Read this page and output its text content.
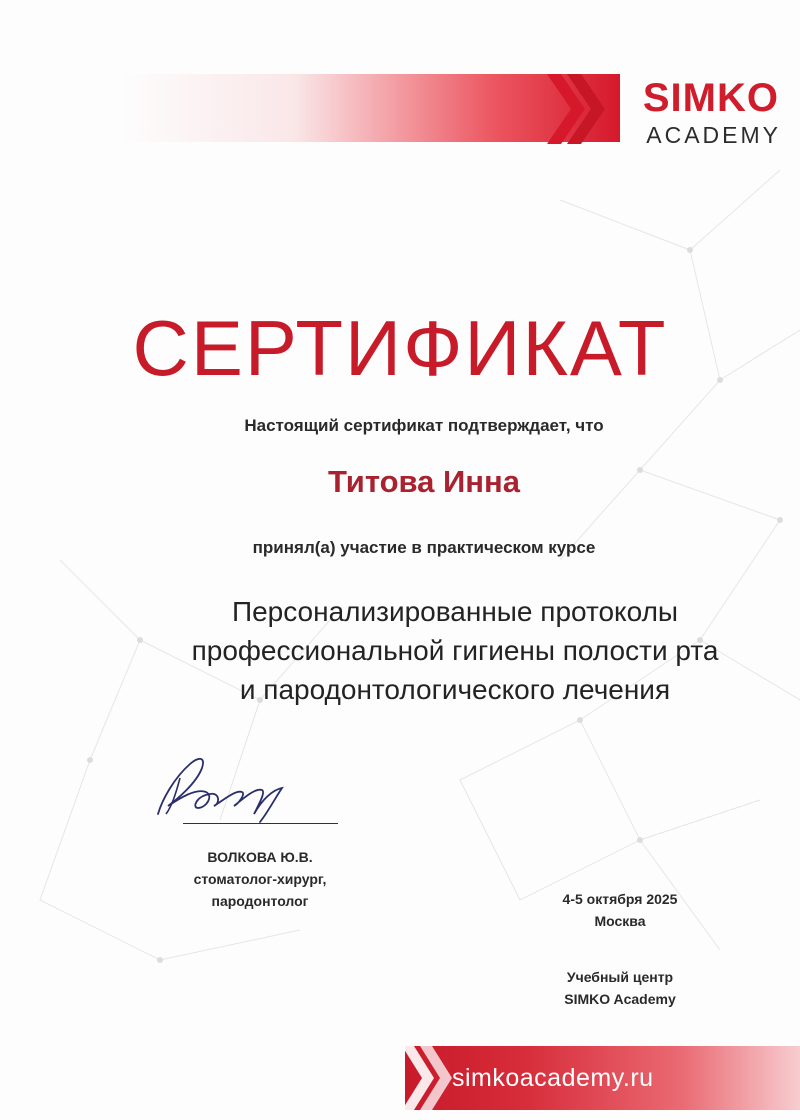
SIMKO
ACADEMY
СЕРТИФИКАТ
Настоящий сертификат подтверждает, что
Титова Инна
принял(а) участие в практическом курсе
Персонализированные протоколы
профессиональной гигиены полости рта
и пародонтологического лечения
ВОЛКОВА Ю.В.
стоматолог-хирург,
пародонтолог	4-5 октября 2025
Москва
Учебный центр
SIMKO Academy
simkoacademy.ru
